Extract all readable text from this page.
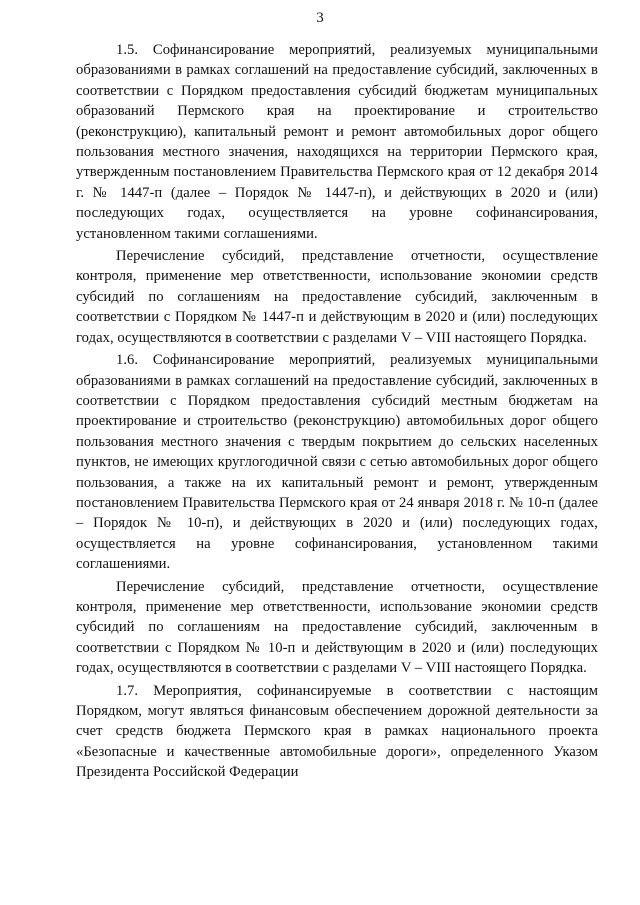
3

1.5. Софинансирование мероприятий, реализуемых муниципальными образованиями в рамках соглашений на предоставление субсидий, заключенных в соответствии с Порядком предоставления субсидий бюджетам муниципальных образований Пермского края на проектирование и строительство (реконструкцию), капитальный ремонт и ремонт автомобильных дорог общего пользования местного значения, находящихся на территории Пермского края, утвержденным постановлением Правительства Пермского края от 12 декабря 2014 г. № 1447-п (далее – Порядок № 1447-п), и действующих в 2020 и (или) последующих годах, осуществляется на уровне софинансирования, установленном такими соглашениями.

Перечисление субсидий, представление отчетности, осуществление контроля, применение мер ответственности, использование экономии средств субсидий по соглашениям на предоставление субсидий, заключенным в соответствии с Порядком № 1447-п и действующим в 2020 и (или) последующих годах, осуществляются в соответствии с разделами V – VIII настоящего Порядка.

1.6. Софинансирование мероприятий, реализуемых муниципальными образованиями в рамках соглашений на предоставление субсидий, заключенных в соответствии с Порядком предоставления субсидий местным бюджетам на проектирование и строительство (реконструкцию) автомобильных дорог общего пользования местного значения с твердым покрытием до сельских населенных пунктов, не имеющих круглогодичной связи с сетью автомобильных дорог общего пользования, а также на их капитальный ремонт и ремонт, утвержденным постановлением Правительства Пермского края от 24 января 2018 г. № 10-п (далее – Порядок № 10-п), и действующих в 2020 и (или) последующих годах, осуществляется на уровне софинансирования, установленном такими соглашениями.

Перечисление субсидий, представление отчетности, осуществление контроля, применение мер ответственности, использование экономии средств субсидий по соглашениям на предоставление субсидий, заключенным в соответствии с Порядком № 10-п и действующим в 2020 и (или) последующих годах, осуществляются в соответствии с разделами V – VIII настоящего Порядка.

1.7. Мероприятия, софинансируемые в соответствии с настоящим Порядком, могут являться финансовым обеспечением дорожной деятельности за счет средств бюджета Пермского края в рамках национального проекта «Безопасные и качественные автомобильные дороги», определенного Указом Президента Российской Федерации
